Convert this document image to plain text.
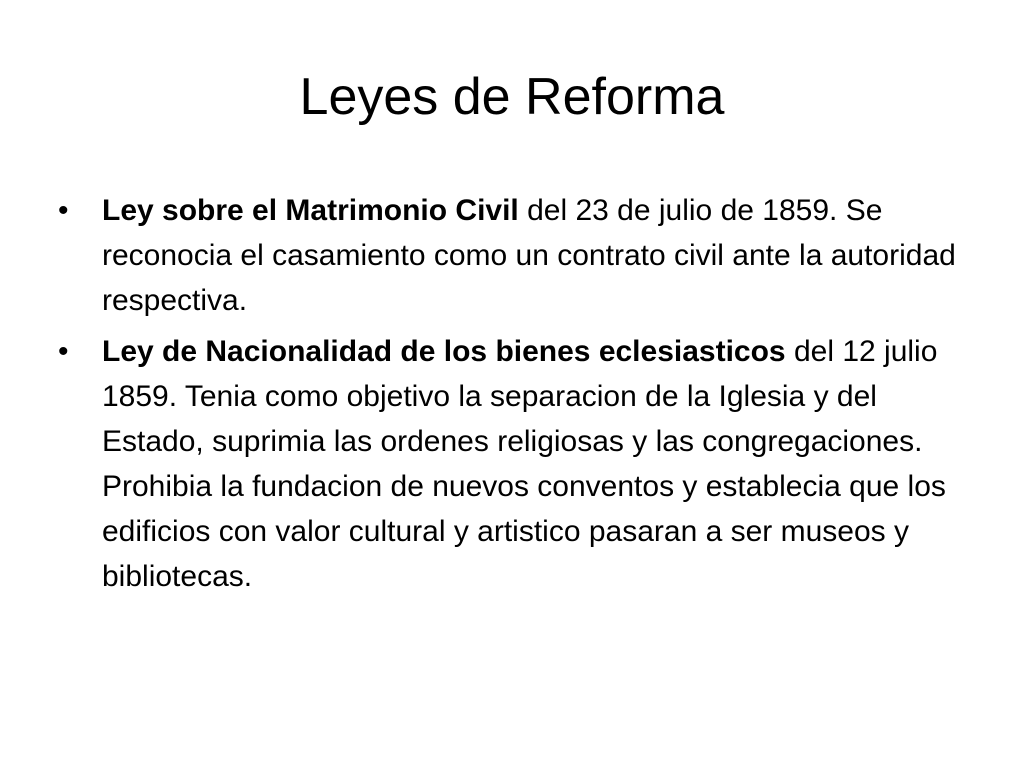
Leyes de Reforma
• Ley sobre el Matrimonio Civil del 23 de julio de 1859. Se reconocia el casamiento como un contrato civil ante la autoridad respectiva.
• Ley de Nacionalidad de los bienes eclesiasticos del 12 julio 1859. Tenia como objetivo la separacion de la Iglesia y del Estado, suprimia las ordenes religiosas y las congregaciones. Prohibia la fundacion de nuevos conventos y establecia que los edificios con valor cultural y artistico pasaran a ser museos y bibliotecas.
